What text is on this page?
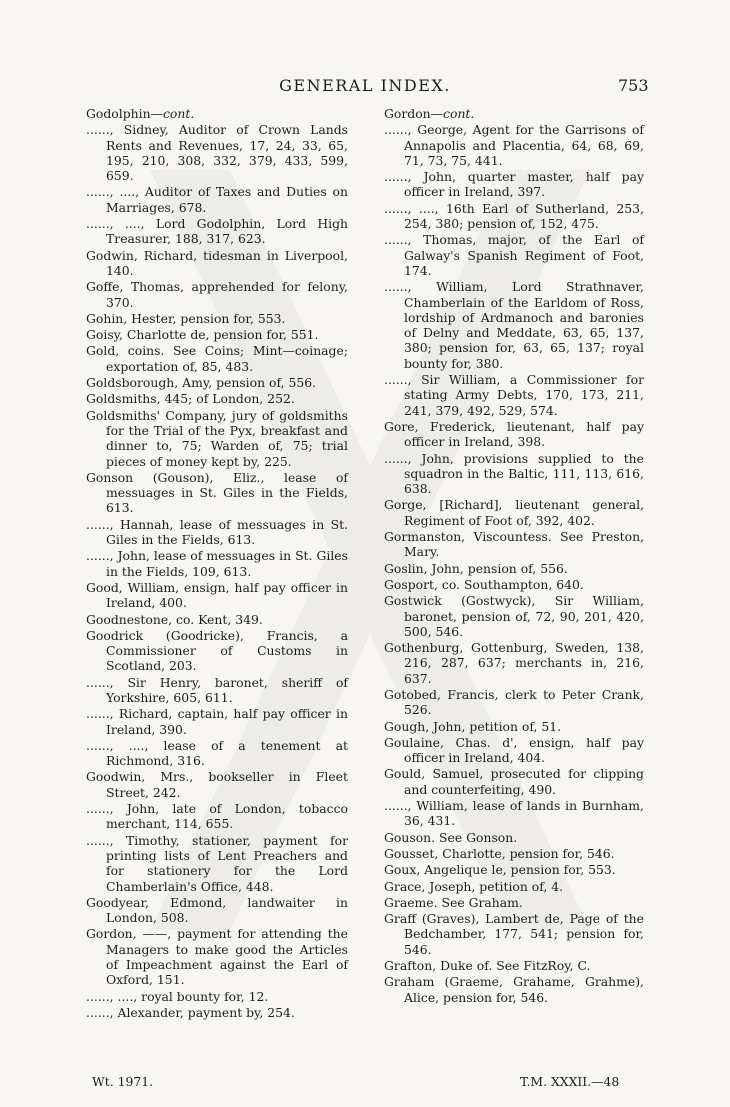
GENERAL INDEX.	753
Godolphin—cont.

......, Sidney, Auditor of Crown Lands Rents and Revenues, 17, 24, 33, 65, 195, 210, 308, 332, 379, 433, 599, 659.

......, ...., Auditor of Taxes and Duties on Marriages, 678.

......, ...., Lord Godolphin, Lord High Treasurer, 188, 317, 623.

Godwin, Richard, tidesman in Liverpool, 140.

Goffe, Thomas, apprehended for felony, 370.

Gohin, Hester, pension for, 553.

Goisy, Charlotte de, pension for, 551.

Gold, coins. See Coins; Mint—coinage; exportation of, 85, 483.

Goldsborough, Amy, pension of, 556.

Goldsmiths, 445; of London, 252.

Goldsmiths' Company, jury of goldsmiths for the Trial of the Pyx, breakfast and dinner to, 75; Warden of, 75; trial pieces of money kept by, 225.

Gonson (Gouson), Eliz., lease of messuages in St. Giles in the Fields, 613.

......, Hannah, lease of messuages in St. Giles in the Fields, 613.

......, John, lease of messuages in St. Giles in the Fields, 109, 613.

Good, William, ensign, half pay officer in Ireland, 400.

Goodnestone, co. Kent, 349.

Goodrick (Goodricke), Francis, a Commissioner of Customs in Scotland, 203.

......, Sir Henry, baronet, sheriff of Yorkshire, 605, 611.

......, Richard, captain, half pay officer in Ireland, 390.

......, ...., lease of a tenement at Richmond, 316.

Goodwin, Mrs., bookseller in Fleet Street, 242.

......, John, late of London, tobacco merchant, 114, 655.

......, Timothy, stationer, payment for printing lists of Lent Preachers and for stationery for the Lord Chamberlain's Office, 448.

Goodyear, Edmond, landwaiter in London, 508.

Gordon, ——, payment for attending the Managers to make good the Articles of Impeachment against the Earl of Oxford, 151.

......, ...., royal bounty for, 12.

......, Alexander, payment by, 254.

Gordon—cont.

......, George, Agent for the Garrisons of Annapolis and Placentia, 64, 68, 69, 71, 73, 75, 441.

......, John, quarter master, half pay officer in Ireland, 397.

......, ...., 16th Earl of Sutherland, 253, 254, 380; pension of, 152, 475.

......, Thomas, major, of the Earl of Galway's Spanish Regiment of Foot, 174.

......, William, Lord Strathnaver, Chamberlain of the Earldom of Ross, lordship of Ardmanoch and baronies of Delny and Meddate, 63, 65, 137, 380; pension for, 63, 65, 137; royal bounty for, 380.

......, Sir William, a Commissioner for stating Army Debts, 170, 173, 211, 241, 379, 492, 529, 574.

Gore, Frederick, lieutenant, half pay officer in Ireland, 398.

......, John, provisions supplied to the squadron in the Baltic, 111, 113, 616, 638.

Gorge, [Richard], lieutenant general, Regiment of Foot of, 392, 402.

Gormanston, Viscountess. See Preston, Mary.

Goslin, John, pension of, 556.

Gosport, co. Southampton, 640.

Gostwick (Gostwyck), Sir William, baronet, pension of, 72, 90, 201, 420, 500, 546.

Gothenburg, Gottenburg, Sweden, 138, 216, 287, 637; merchants in, 216, 637.

Gotobed, Francis, clerk to Peter Crank, 526.

Gough, John, petition of, 51.

Goulaine, Chas. d', ensign, half pay officer in Ireland, 404.

Gould, Samuel, prosecuted for clipping and counterfeiting, 490.

......, William, lease of lands in Burnham, 36, 431.

Gouson. See Gonson.

Gousset, Charlotte, pension for, 546.

Goux, Angelique le, pension for, 553.

Grace, Joseph, petition of, 4.

Graeme. See Graham.

Graff (Graves), Lambert de, Page of the Bedchamber, 177, 541; pension for, 546.

Grafton, Duke of. See FitzRoy, C.

Graham (Graeme, Grahame, Grahme), Alice, pension for, 546.

Wt. 1971.	T.M. XXXII.—48
